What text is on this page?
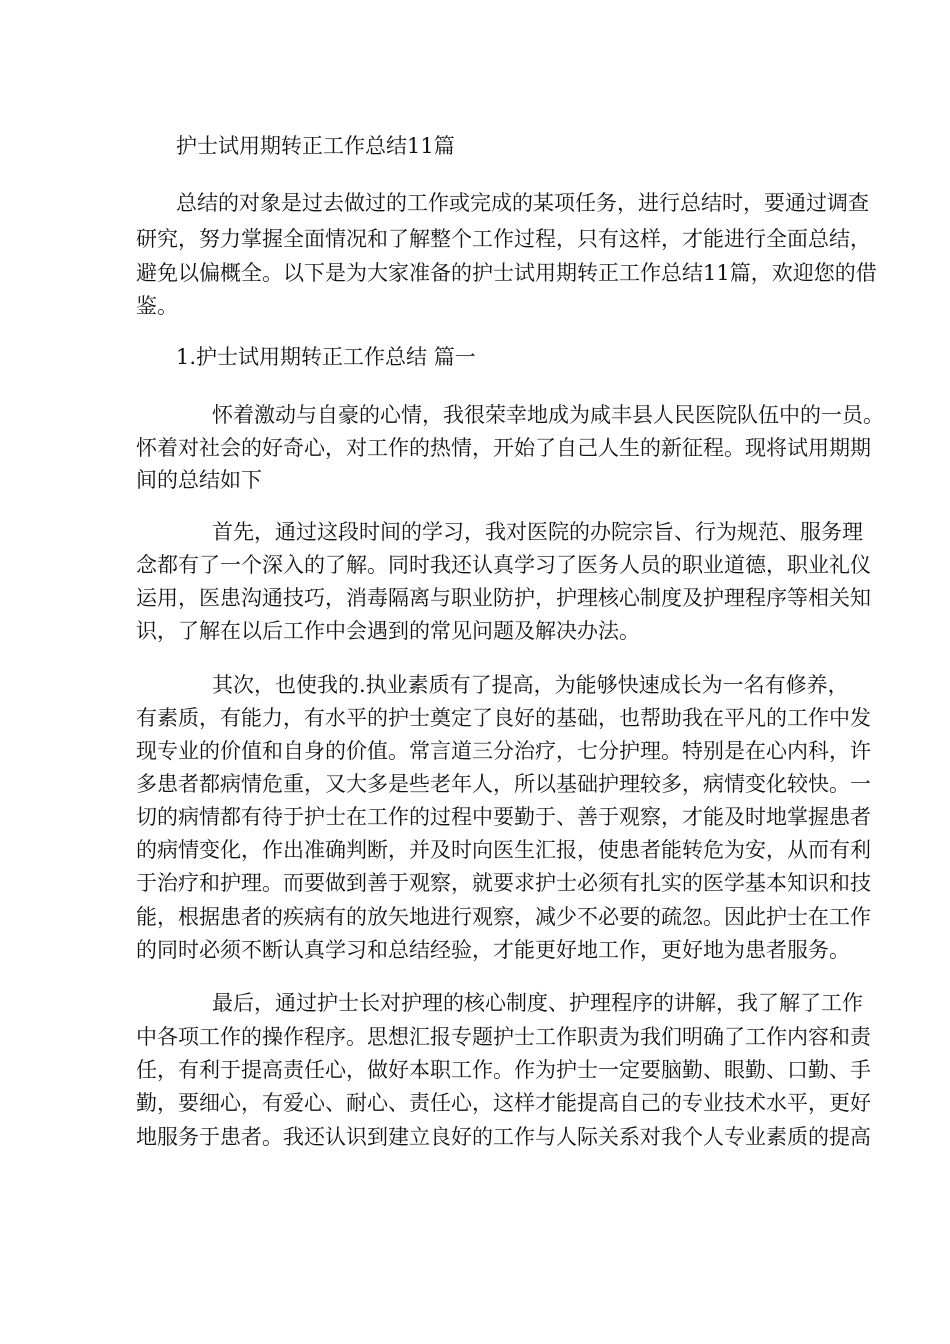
护士试用期转正工作总结11篇

总结的对象是过去做过的工作或完成的某项任务，进行总结时，要通过调查

研究，努力掌握全面情况和了解整个工作过程，只有这样，才能进行全面总结，

避免以偏概全。以下是为大家准备的护士试用期转正工作总结11篇，欢迎您的借

鉴。

1.护士试用期转正工作总结 篇一

怀着激动与自豪的心情，我很荣幸地成为咸丰县人民医院队伍中的一员。

怀着对社会的好奇心，对工作的热情，开始了自己人生的新征程。现将试用期期

间的总结如下

首先，通过这段时间的学习，我对医院的办院宗旨、行为规范、服务理

念都有了一个深入的了解。同时我还认真学习了医务人员的职业道德，职业礼仪

运用，医患沟通技巧，消毒隔离与职业防护，护理核心制度及护理程序等相关知

识，了解在以后工作中会遇到的常见问题及解决办法。

其次，也使我的.执业素质有了提高，为能够快速成长为一名有修养，

有素质，有能力，有水平的护士奠定了良好的基础，也帮助我在平凡的工作中发

现专业的价值和自身的价值。常言道三分治疗，七分护理。特别是在心内科，许

多患者都病情危重，又大多是些老年人，所以基础护理较多，病情变化较快。一

切的病情都有待于护士在工作的过程中要勤于、善于观察，才能及时地掌握患者

的病情变化，作出准确判断，并及时向医生汇报，使患者能转危为安，从而有利

于治疗和护理。而要做到善于观察，就要求护士必须有扎实的医学基本知识和技

能，根据患者的疾病有的放矢地进行观察，减少不必要的疏忽。因此护士在工作

的同时必须不断认真学习和总结经验，才能更好地工作，更好地为患者服务。

最后，通过护士长对护理的核心制度、护理程序的讲解，我了解了工作

中各项工作的操作程序。思想汇报专题护士工作职责为我们明确了工作内容和责

任，有利于提高责任心，做好本职工作。作为护士一定要脑勤、眼勤、口勤、手

勤，要细心，有爱心、耐心、责任心，这样才能提高自己的专业技术水平，更好

地服务于患者。我还认识到建立良好的工作与人际关系对我个人专业素质的提高
